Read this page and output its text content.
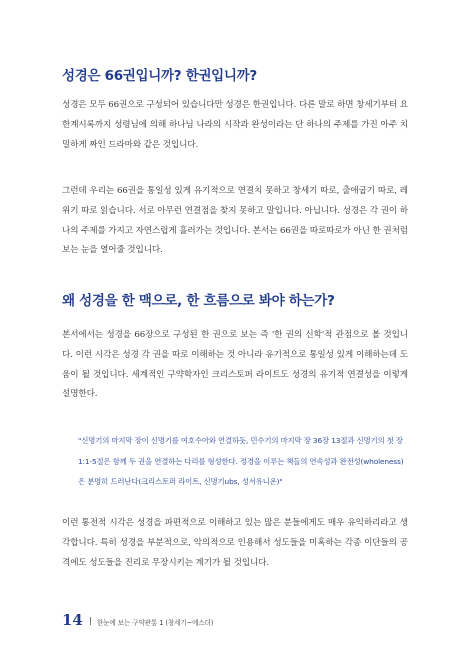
성경은 66권입니까? 한권입니까?

성경은 모두 66권으로 구성되어 있습니다만 성경은 한권입니다. 다른 말로 하면 창세기부터 요한계시록까지 성령님에 의해 하나님 나라의 시작과 완성이라는 단 하나의 주제를 가진 아주 치밀하게 짜인 드라마와 같은 것입니다.

그런데 우리는 66권을 통일성 있게 유기적으로 연결치 못하고 창세기 따로, 출애굽기 따로, 레위기 따로 읽습니다. 서로 아무런 연결점을 찾지 못하고 말입니다. 아닙니다. 성경은 각 권이 하나의 주제를 가지고 자연스럽게 흘러가는 것입니다. 본서는 66권을 따로따로가 아닌 한 권처럼 보는 눈을 열어줄 것입니다.

왜 성경을 한 맥으로, 한 흐름으로 봐야 하는가?

본서에서는 성경을 66장으로 구성된 한 권으로 보는 즉 '한 권의 신학'적 관점으로 볼 것입니다. 이런 시각은 성경 각 권을 따로 이해하는 것 아니라 유기적으로 통일성 있게 이해하는데 도움이 될 것입니다. 세계적인 구약학자인 크리스토퍼 라이트도 성경의 유기적 연결성을 이렇게 설명한다.

"신명기의 마지막 장이 신명기를 여호수아와 연결하듯, 민수기의 마지막 장 36장 13절과 신명기의 첫 장 1:1-5절은 함께 두 권을 연결하는 다리를 형성한다. 정경을 이루는 책들의 연속성과 완전성(wholeness)은 분명히 드러난다(크리스토퍼 라이트, 신명기ubs, 성서유니온)"

이런 통전적 시각은 성경을 파편적으로 이해하고 있는 많은 분들에게도 매우 유익하리라고 생각합니다. 특히 성경을 부분적으로, 악의적으로 인용해서 성도들을 미혹하는 각종 이단들의 공격에도 성도들을 진리로 무장시키는 계기가 될 것입니다.

14 한눈에 보는 구약관통 1 (창세기~에스더)
